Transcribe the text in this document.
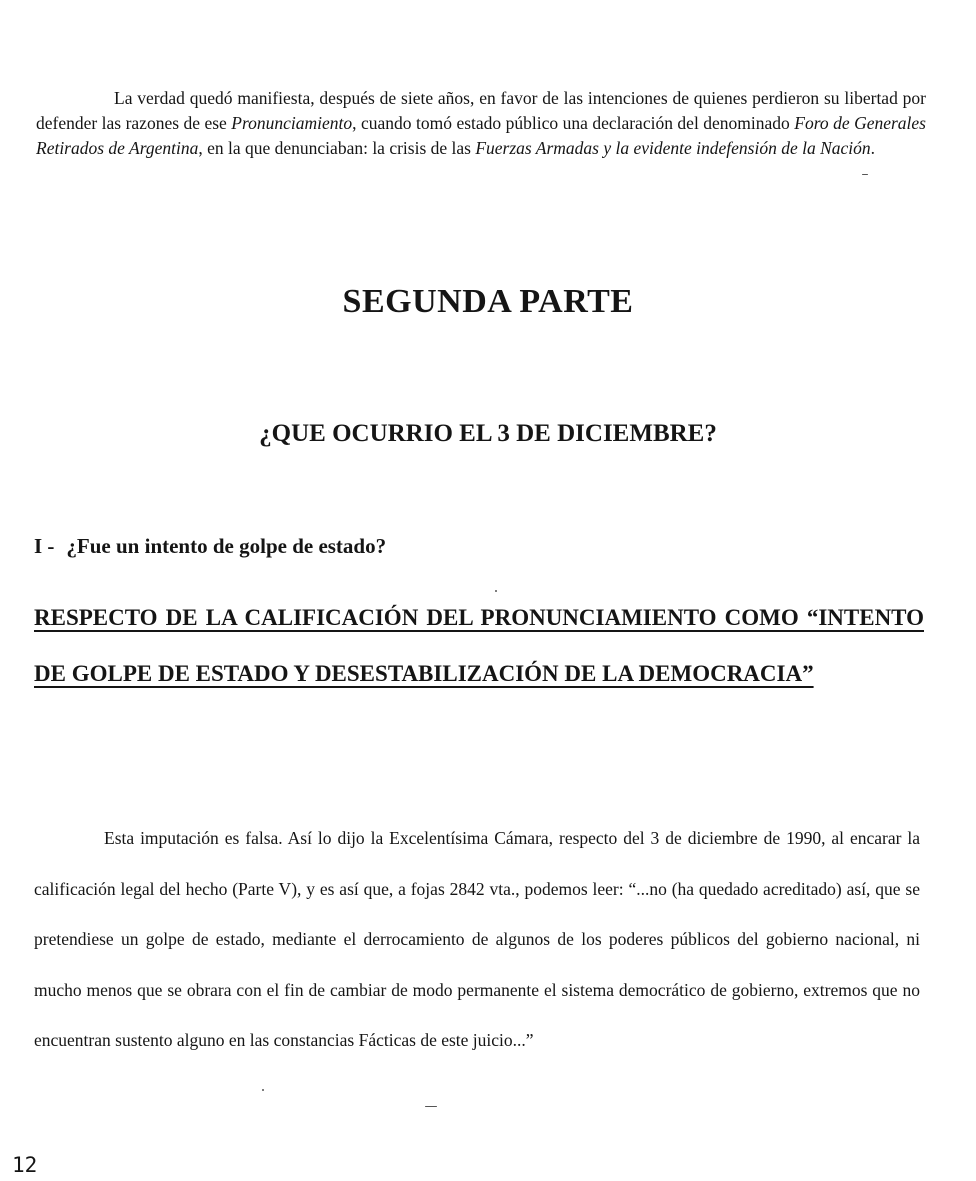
La verdad quedó manifiesta, después de siete años, en favor de las intenciones de quienes perdieron su libertad por defender las razones de ese Pronunciamiento, cuando tomó estado público una declaración del denominado Foro de Generales Retirados de Argentina, en la que denunciaban: la crisis de las Fuerzas Armadas y la evidente indefensión de la Nación.

SEGUNDA PARTE
¿QUE OCURRIO EL 3 DE DICIEMBRE?
I - ¿Fue un intento de golpe de estado?

RESPECTO DE LA CALIFICACIÓN DEL PRONUNCIAMIENTO COMO “INTENTO DE GOLPE DE ESTADO Y DESESTABILIZACIÓN DE LA DEMOCRACIA”

Esta imputación es falsa. Así lo dijo la Excelentísima Cámara, respecto del 3 de diciembre de 1990, al encarar la calificación legal del hecho (Parte V), y es así que, a fojas 2842 vta., podemos leer: “...no (ha quedado acreditado) así, que se pretendiese un golpe de estado, mediante el derrocamiento de algunos de los poderes públicos del gobierno nacional, ni mucho menos que se obrara con el fin de cambiar de modo permanente el sistema democrático de gobierno, extremos que no encuentran sustento alguno en las constancias Fácticas de este juicio...”

12
